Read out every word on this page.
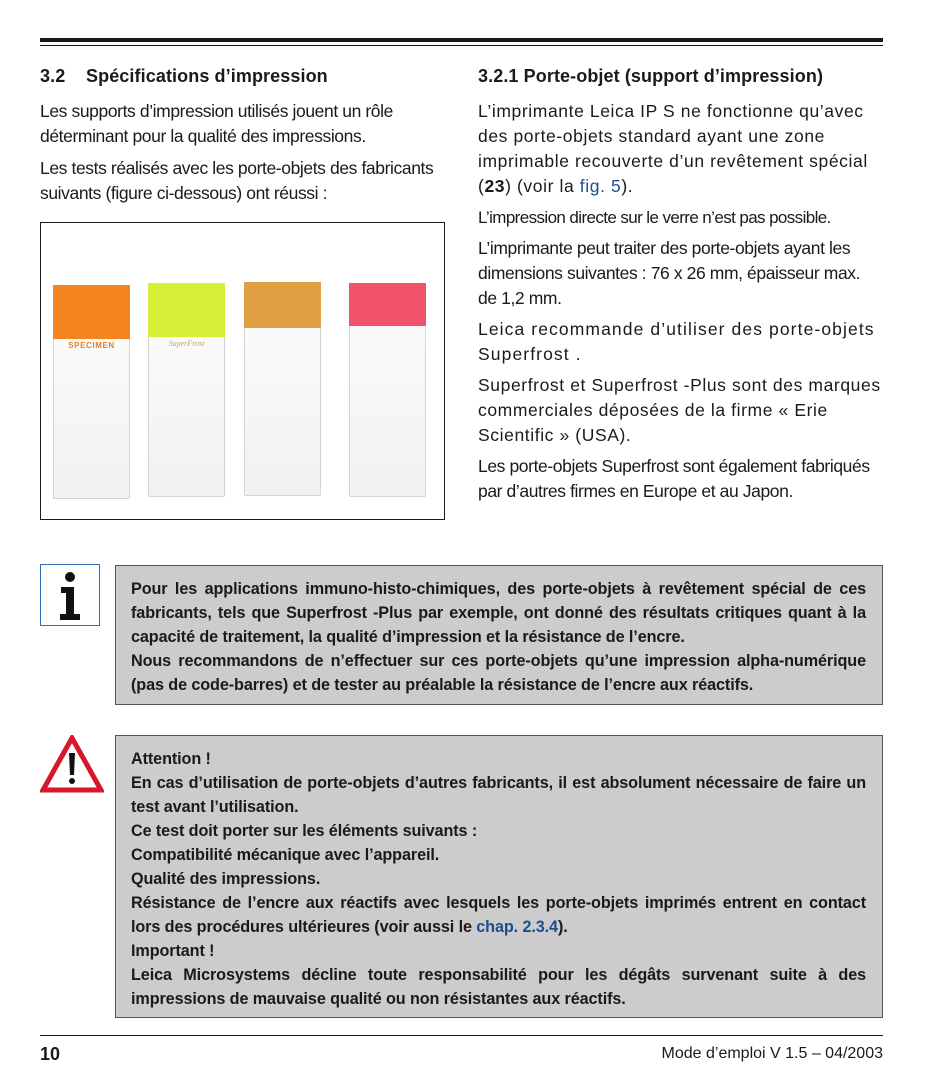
3.2 Spécifications d’impression

Les supports d’impression utilisés jouent un rôle déterminant pour la qualité des impressions.

Les tests réalisés avec les porte-objets des fabricants suivants (figure ci-dessous) ont réussi :

SPECIMEN	SuperFrost
3.2.1 Porte-objet (support d’impression)

L’imprimante Leica IP S ne fonctionne qu’avec des porte-objets standard ayant une zone imprimable recouverte d’un revêtement spécial (23) (voir la fig. 5).

L’impression directe sur le verre n’est pas possible.

L’imprimante peut traiter des porte-objets ayant les dimensions suivantes : 76 x 26 mm, épaisseur max. de 1,2 mm.

Leica recommande d’utiliser des porte-objets Superfrost .

Superfrost et Superfrost -Plus sont des marques commerciales déposées de la firme « Erie Scientific » (USA).

Les porte-objets Superfrost sont également fabriqués par d’autres firmes en Europe et au Japon.

Pour les applications immuno-histo-chimiques, des porte-objets à revêtement spécial de ces fabricants, tels que Superfrost -Plus par exemple, ont donné des résultats critiques quant à la capacité de traitement, la qualité d’impression et la résistance de l’encre.

Nous recommandons de n’effectuer sur ces porte-objets qu’une impression alpha-numérique (pas de code-barres) et de tester au préalable la résistance de l’encre aux réactifs.

Attention !

En cas d’utilisation de porte-objets d’autres fabricants, il est absolument nécessaire de faire un test avant l’utilisation.

Ce test doit porter sur les éléments suivants :

Compatibilité mécanique avec l’appareil.

Qualité des impressions.

Résistance de l’encre aux réactifs avec lesquels les porte-objets imprimés entrent en contact lors des procédures ultérieures (voir aussi le chap. 2.3.4).

Important !

Leica Microsystems décline toute responsabilité pour les dégâts survenant suite à des impressions de mauvaise qualité ou non résistantes aux réactifs.

10	Mode d’emploi V 1.5 – 04/2003
